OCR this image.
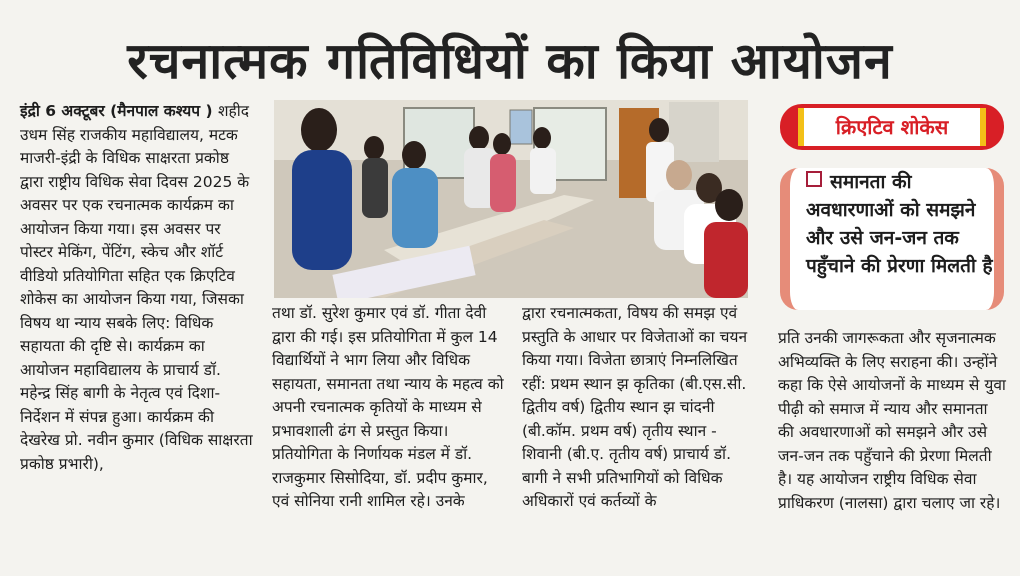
रचनात्मक गतिविधियों का किया आयोजन
इंद्री 6 अक्टूबर (मैनपाल कश्यप ) शहीद उधम सिंह राजकीय महाविद्यालय, मटक माजरी-इंद्री के विधिक साक्षरता प्रकोष्ठ द्वारा राष्ट्रीय विधिक सेवा दिवस 2025 के अवसर पर एक रचनात्मक कार्यक्रम का आयोजन किया गया। इस अवसर पर पोस्टर मेकिंग, पेंटिंग, स्केच और शॉर्ट वीडियो प्रतियोगिता सहित एक क्रिएटिव शोकेस का आयोजन किया गया, जिसका विषय था न्याय सबके लिए: विधिक सहायता की दृष्टि से। कार्यक्रम का आयोजन महाविद्यालय के प्राचार्य डॉ. महेन्द्र सिंह बागी के नेतृत्व एवं दिशा-निर्देशन में संपन्न हुआ। कार्यक्रम की देखरेख प्रो. नवीन कुमार (विधिक साक्षरता प्रकोष्ठ प्रभारी),
क्रिएटिव शोकेस
समानता की अवधारणाओं को समझने और उसे जन-जन तक पहुँचाने की प्रेरणा मिलती है
तथा डॉ. सुरेश कुमार एवं डॉ. गीता देवी द्वारा की गई। इस प्रतियोगिता में कुल 14 विद्यार्थियों ने भाग लिया और विधिक सहायता, समानता तथा न्याय के महत्व को अपनी रचनात्मक कृतियों के माध्यम से प्रभावशाली ढंग से प्रस्तुत किया। प्रतियोगिता के निर्णायक मंडल में डॉ. राजकुमार सिसोदिया, डॉ. प्रदीप कुमार, एवं सोनिया रानी शामिल रहे। उनके
द्वारा रचनात्मकता, विषय की समझ एवं प्रस्तुति के आधार पर विजेताओं का चयन किया गया। विजेता छात्राएं निम्नलिखित रहीं: प्रथम स्थान झ कृतिका (बी.एस.सी. द्वितीय वर्ष) द्वितीय स्थान झ चांदनी (बी.कॉम. प्रथम वर्ष) तृतीय स्थान - शिवानी (बी.ए. तृतीय वर्ष) प्राचार्य डॉ. बागी ने सभी प्रतिभागियों को विधिक अधिकारों एवं कर्तव्यों के
प्रति उनकी जागरूकता और सृजनात्मक अभिव्यक्ति के लिए सराहना की। उन्होंने कहा कि ऐसे आयोजनों के माध्यम से युवा पीढ़ी को समाज में न्याय और समानता की अवधारणाओं को समझने और उसे जन-जन तक पहुँचाने की प्रेरणा मिलती है। यह आयोजन राष्ट्रीय विधिक सेवा प्राधिकरण (नालसा) द्वारा चलाए जा रहे।
